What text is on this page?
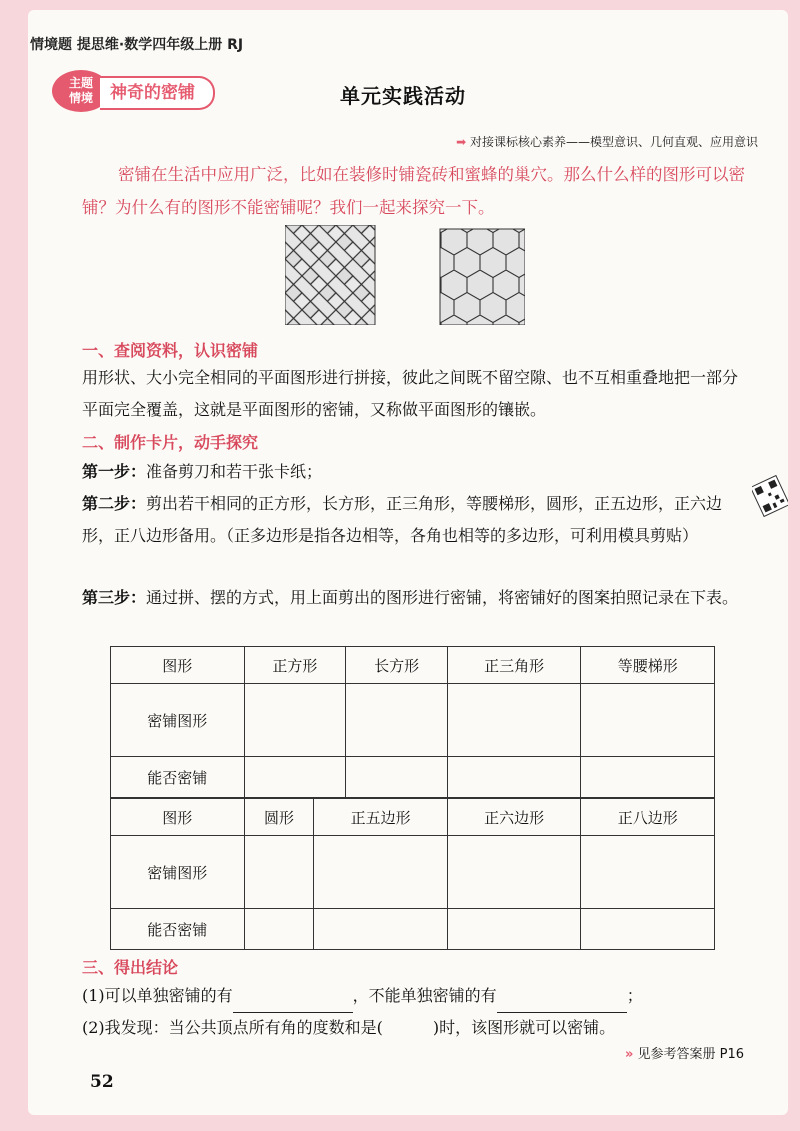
情境题 提思维·数学四年级上册 RJ
主题
情境	神奇的密铺	单元实践活动
➡ 对接课标核心素养——模型意识、几何直观、应用意识
密铺在生活中应用广泛，比如在装修时铺瓷砖和蜜蜂的巢穴。那么什么样的图形可以密铺？为什么有的图形不能密铺呢？我们一起来探究一下。
一、查阅资料，认识密铺
用形状、大小完全相同的平面图形进行拼接，彼此之间既不留空隙、也不互相重叠地把一部分平面完全覆盖，这就是平面图形的密铺，又称做平面图形的镶嵌。
二、制作卡片，动手探究
第一步：准备剪刀和若干张卡纸；
第二步：剪出若干相同的正方形，长方形，正三角形，等腰梯形，圆形，正五边形，正六边形，正八边形备用。（正多边形是指各边相等，各角也相等的多边形，可利用模具剪贴）
第三步：通过拼、摆的方式，用上面剪出的图形进行密铺，将密铺好的图案拍照记录在下表。
图形	正方形	长方形	正三角形	等腰梯形
密铺图形				
能否密铺				
图形	圆形	正五边形	正六边形	正八边形
密铺图形				
能否密铺				
三、得出结论
(1)可以单独密铺的有	，不能单独密铺的有	；
(2)我发现：当公共顶点所有角的度数和是(	)时，该图形就可以密铺。
» 见参考答案册 P16
52
